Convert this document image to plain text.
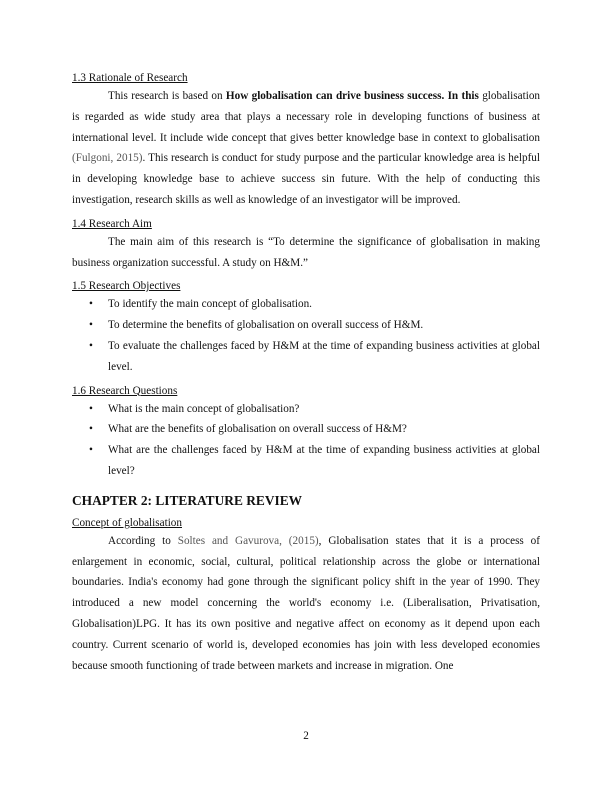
1.3 Rationale of Research

This research is based on How globalisation can drive business success. In this globalisation is regarded as wide study area that plays a necessary role in developing functions of business at international level. It include wide concept that gives better knowledge base in context to globalisation (Fulgoni, 2015). This research is conduct for study purpose and the particular knowledge area is helpful in developing knowledge base to achieve success sin future. With the help of conducting this investigation, research skills as well as knowledge of an investigator will be improved.

1.4 Research Aim

The main aim of this research is “To determine the significance of globalisation in making business organization successful. A study on H&M.”

1.5 Research Objectives

• To identify the main concept of globalisation.
• To determine the benefits of globalisation on overall success of H&M.
• To evaluate the challenges faced by H&M at the time of expanding business activities at global level.

1.6 Research Questions

• What is the main concept of globalisation?
• What are the benefits of globalisation on overall success of H&M?
• What are the challenges faced by H&M at the time of expanding business activities at global level?

CHAPTER 2: LITERATURE REVIEW

Concept of globalisation

According to Soltes and Gavurova, (2015), Globalisation states that it is a process of enlargement in economic, social, cultural, political relationship across the globe or international boundaries. India's economy had gone through the significant policy shift in the year of 1990. They introduced a new model concerning the world's economy i.e. (Liberalisation, Privatisation, Globalisation)LPG. It has its own positive and negative affect on economy as it depend upon each country. Current scenario of world is, developed economies has join with less developed economies because smooth functioning of trade between markets and increase in migration. One

2
